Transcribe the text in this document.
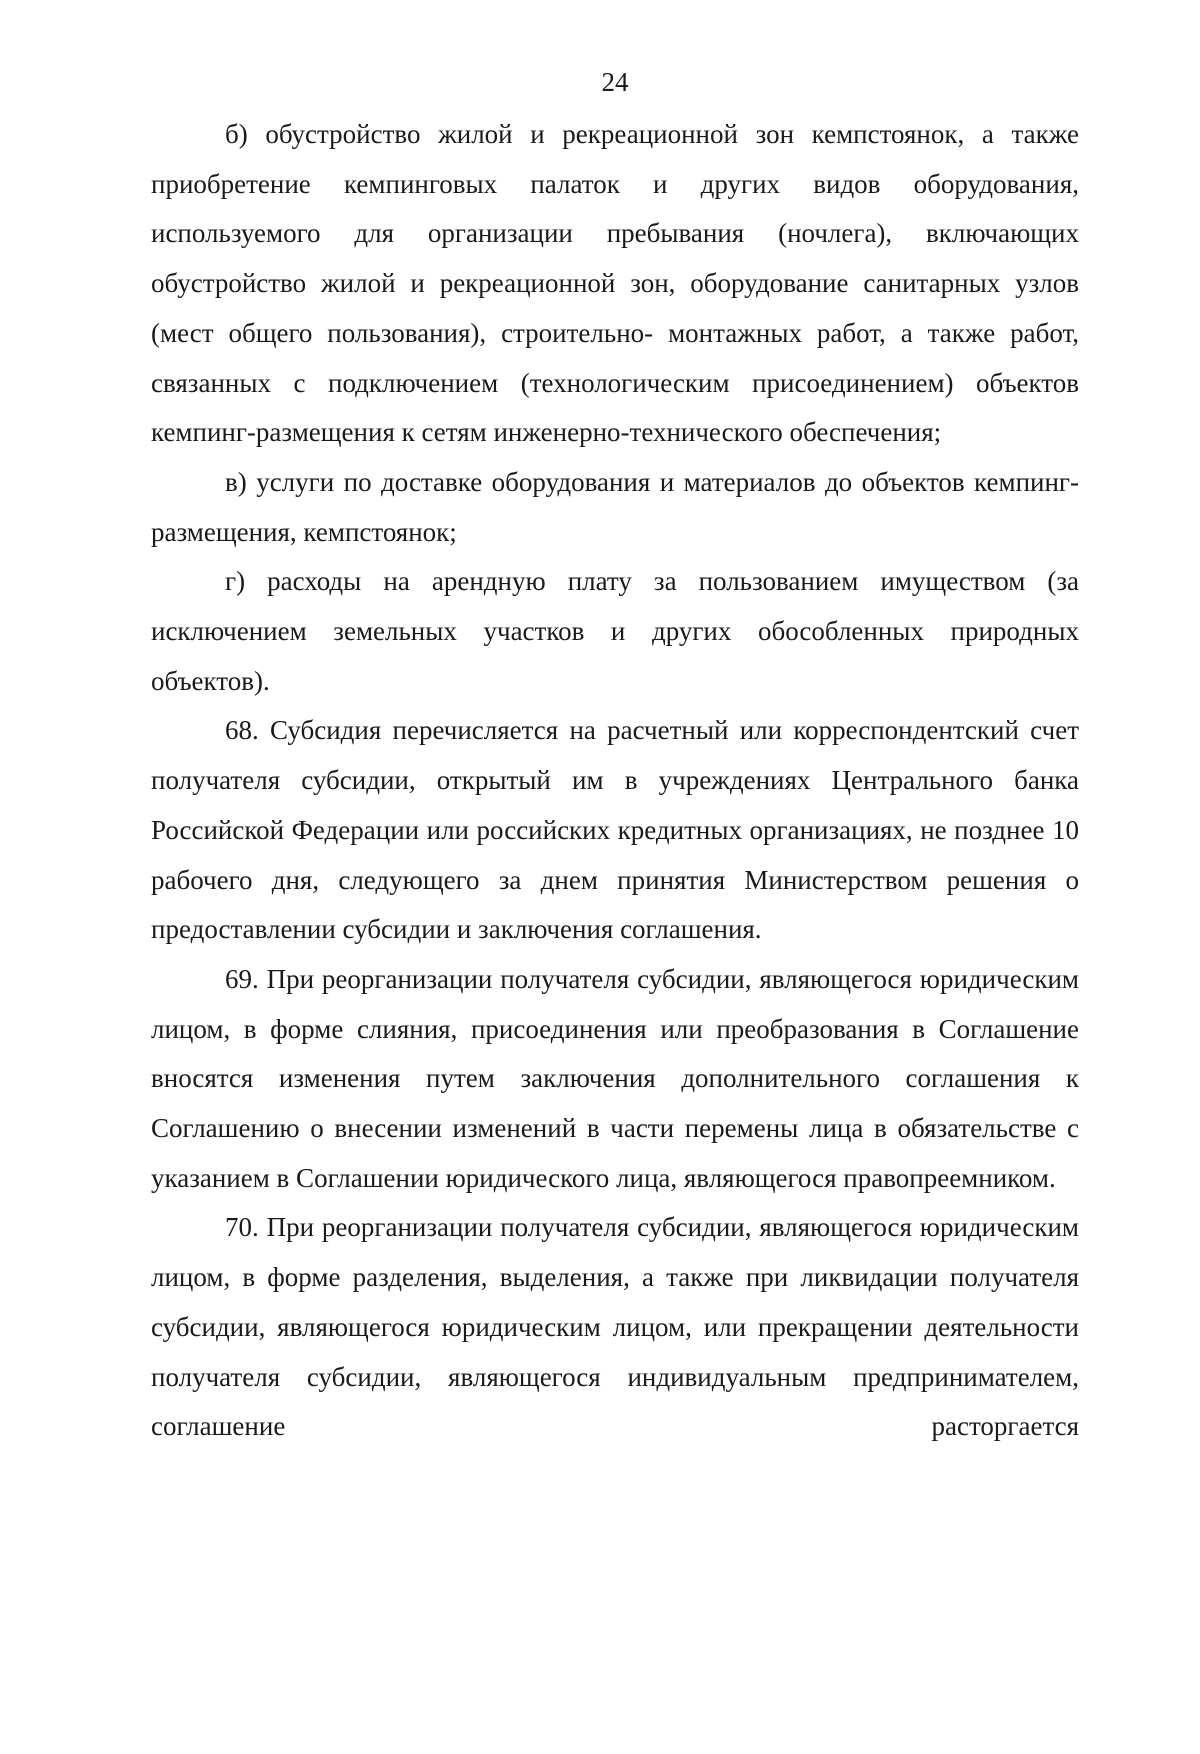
24

б) обустройство жилой и рекреационной зон кемпстоянок, а также приобретение кемпинговых палаток и других видов оборудования, используемого для организации пребывания (ночлега), включающих обустройство жилой и рекреационной зон, оборудование санитарных узлов (мест общего пользования), строительно- монтажных работ, а также работ, связанных с подключением (технологическим присоединением) объектов кемпинг-размещения к сетям инженерно-технического обеспечения;

в) услуги по доставке оборудования и материалов до объектов кемпинг-размещения, кемпстоянок;

г) расходы на арендную плату за пользованием имуществом (за исключением земельных участков и других обособленных природных объектов).

68. Субсидия перечисляется на расчетный или корреспондентский счет получателя субсидии, открытый им в учреждениях Центрального банка Российской Федерации или российских кредитных организациях, не позднее 10 рабочего дня, следующего за днем принятия Министерством решения о предоставлении субсидии и заключения соглашения.

69. При реорганизации получателя субсидии, являющегося юридическим лицом, в форме слияния, присоединения или преобразования в Соглашение вносятся изменения путем заключения дополнительного соглашения к Соглашению о внесении изменений в части перемены лица в обязательстве с указанием в Соглашении юридического лица, являющегося правопреемником.

70. При реорганизации получателя субсидии, являющегося юридическим лицом, в форме разделения, выделения, а также при ликвидации получателя субсидии, являющегося юридическим лицом, или прекращении деятельности получателя субсидии, являющегося индивидуальным предпринимателем, соглашение расторгается
